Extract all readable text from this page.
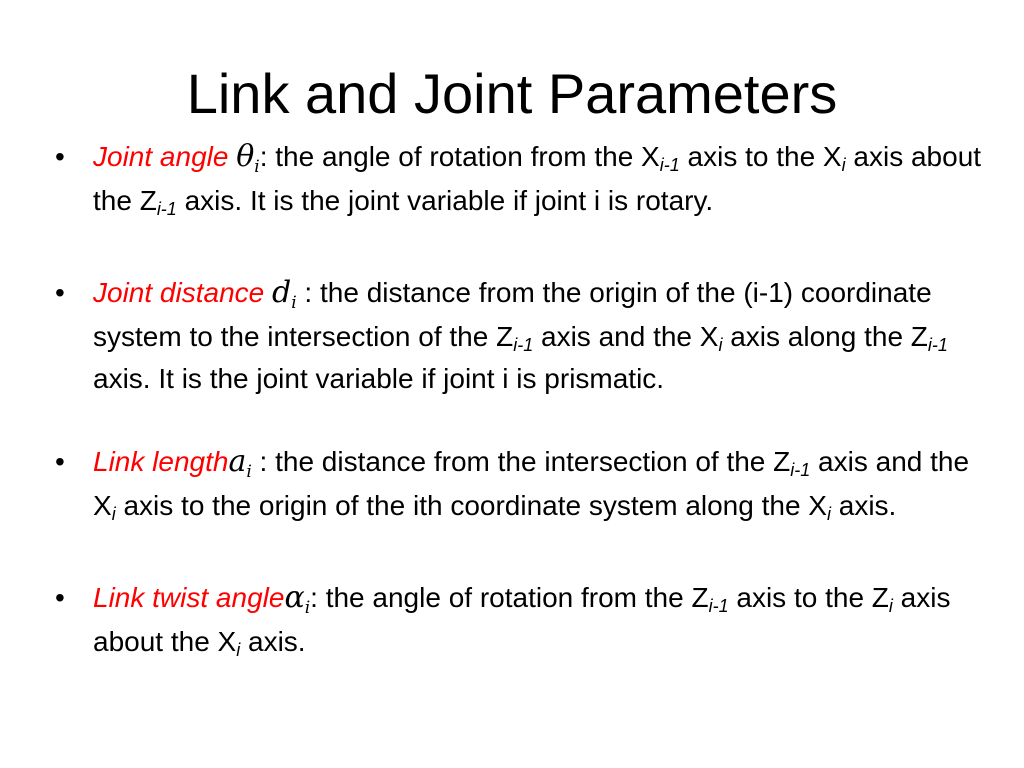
Link and Joint Parameters
• Joint angle $\theta_i$: the angle of rotation from the $X_{i-1}$ axis to the $X_i$ axis about the $Z_{i-1}$ axis. It is the joint variable if joint i is rotary.
• Joint distance $d_i$ : the distance from the origin of the (i-1) coordinate system to the intersection of the $Z_{i-1}$ axis and the $X_i$ axis along the $Z_{i-1}$ axis. It is the joint variable if joint i is prismatic.
• Link lengtha$_i$ : the distance from the intersection of the $Z_{i-1}$ axis and the $X_i$ axis to the origin of the ith coordinate system along the $X_i$ axis.
• Link twist angleα$_i$: the angle of rotation from the $Z_{i-1}$ axis to the $Z_i$ axis about the $X_i$ axis.
